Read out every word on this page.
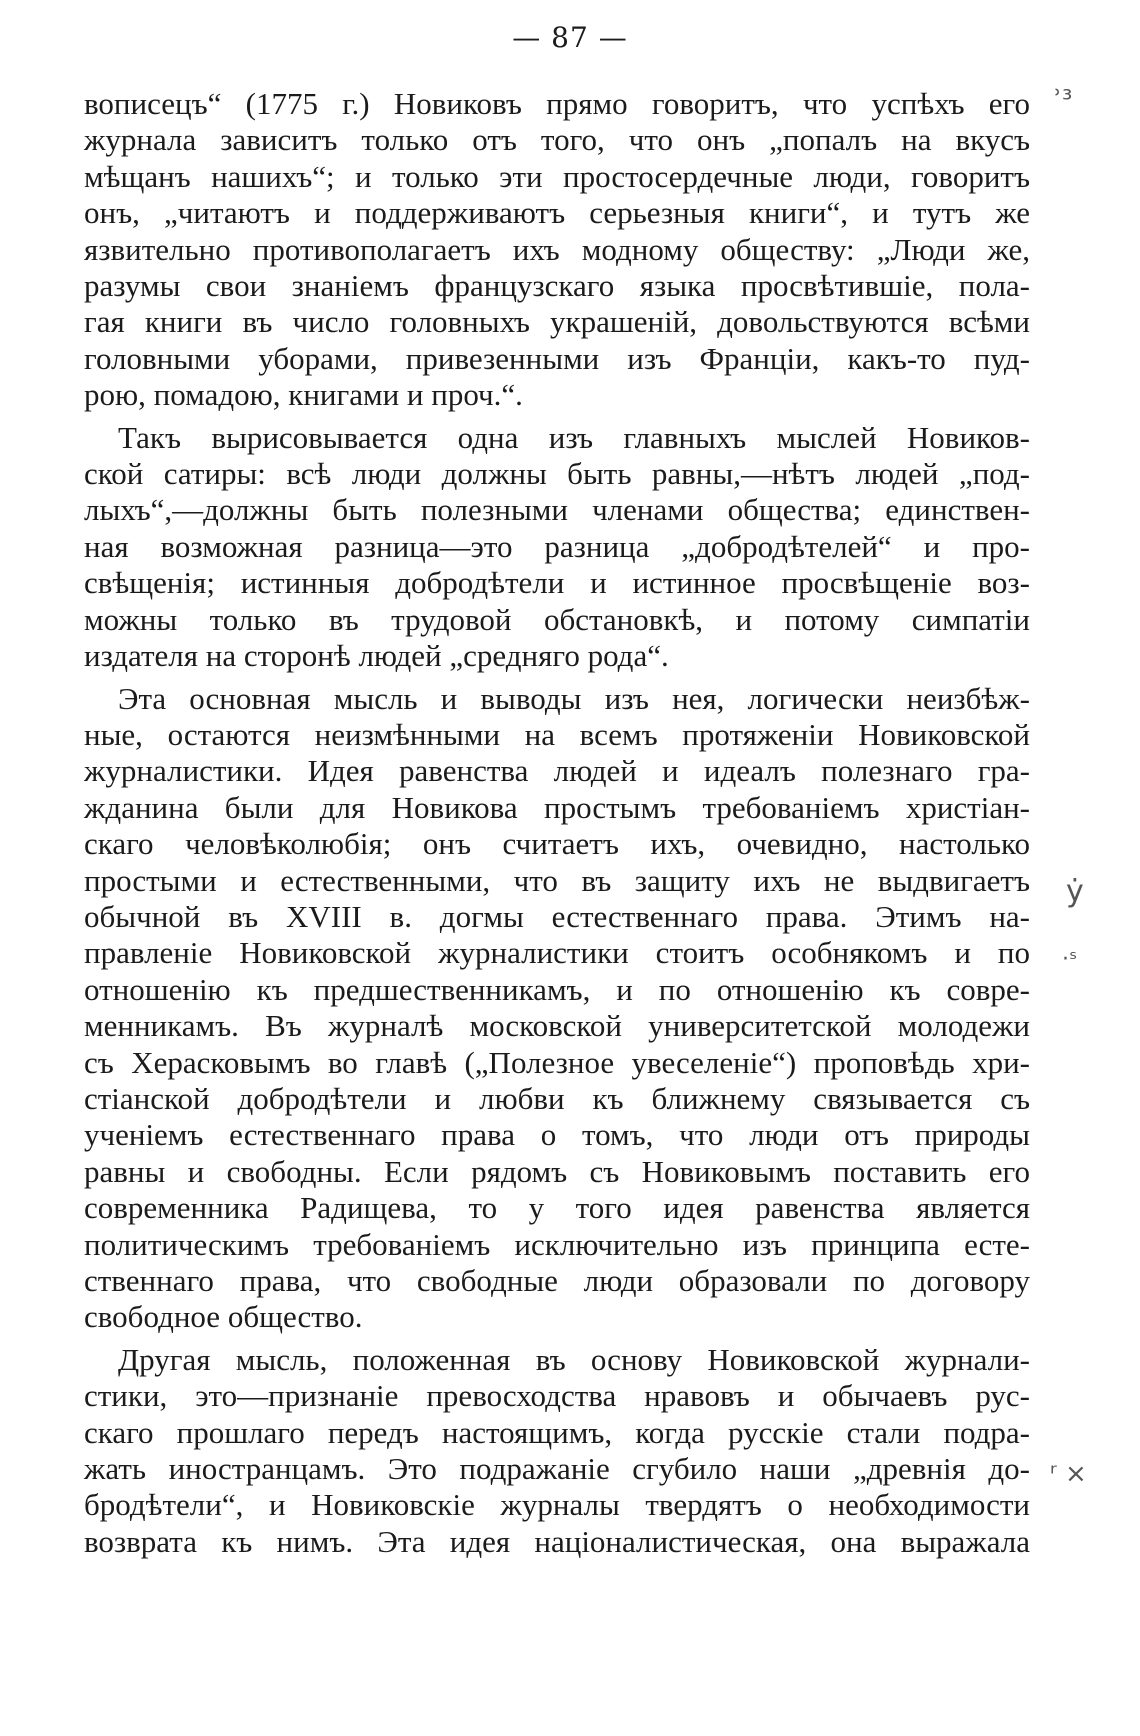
— 87 —
ʾ³
ẏ
·ˢ
ʳ ×
вописецъ“ (1775 г.) Новиковъ прямо говоритъ, что успѣхъ его
журнала зависитъ только отъ того, что онъ „попалъ на вкусъ
мѣщанъ нашихъ“; и только эти простосердечные люди, говоритъ
онъ, „читаютъ и поддерживаютъ серьезныя книги“, и тутъ же
язвительно противополагаетъ ихъ модному обществу: „Люди же,
разумы свои знаніемъ французскаго языка просвѣтившіе, пола-
гая книги въ число головныхъ украшеній, довольствуются всѣми
головными уборами, привезенными изъ Франціи, какъ-то пуд-
рою, помадою, книгами и проч.“.
Такъ вырисовывается одна изъ главныхъ мыслей Новиков-
ской сатиры: всѣ люди должны быть равны,—нѣтъ людей „под-
лыхъ“,—должны быть полезными членами общества; единствен-
ная возможная разница—это разница „добродѣтелей“ и про-
свѣщенія; истинныя добродѣтели и истинное просвѣщеніе воз-
можны только въ трудовой обстановкѣ, и потому симпатіи
издателя на сторонѣ людей „средняго рода“.
Эта основная мысль и выводы изъ нея, логически неизбѣж-
ные, остаются неизмѣнными на всемъ протяженіи Новиковской
журналистики. Идея равенства людей и идеалъ полезнаго гра-
жданина были для Новикова простымъ требованіемъ христіан-
скаго человѣколюбія; онъ считаетъ ихъ, очевидно, настолько
простыми и естественными, что въ защиту ихъ не выдвигаетъ
обычной въ XVIII в. догмы естественнаго права. Этимъ на-
правленіе Новиковской журналистики стоитъ особнякомъ и по
отношенію къ предшественникамъ, и по отношенію къ совре-
менникамъ. Въ журналѣ московской университетской молодежи
съ Херасковымъ во главѣ („Полезное увеселеніе“) проповѣдь хри-
стіанской добродѣтели и любви къ ближнему связывается съ
ученіемъ естественнаго права о томъ, что люди отъ природы
равны и свободны. Если рядомъ съ Новиковымъ поставить его
современника Радищева, то у того идея равенства является
политическимъ требованіемъ исключительно изъ принципа есте-
ственнаго права, что свободные люди образовали по договору
свободное общество.
Другая мысль, положенная въ основу Новиковской журнали-
стики, это—признаніе превосходства нравовъ и обычаевъ рус-
скаго прошлаго передъ настоящимъ, когда русскіе стали подра-
жать иностранцамъ. Это подражаніе сгубило наши „древнія до-
бродѣтели“, и Новиковскіе журналы твердятъ о необходимости
возврата къ нимъ. Эта идея націоналистическая, она выражала
